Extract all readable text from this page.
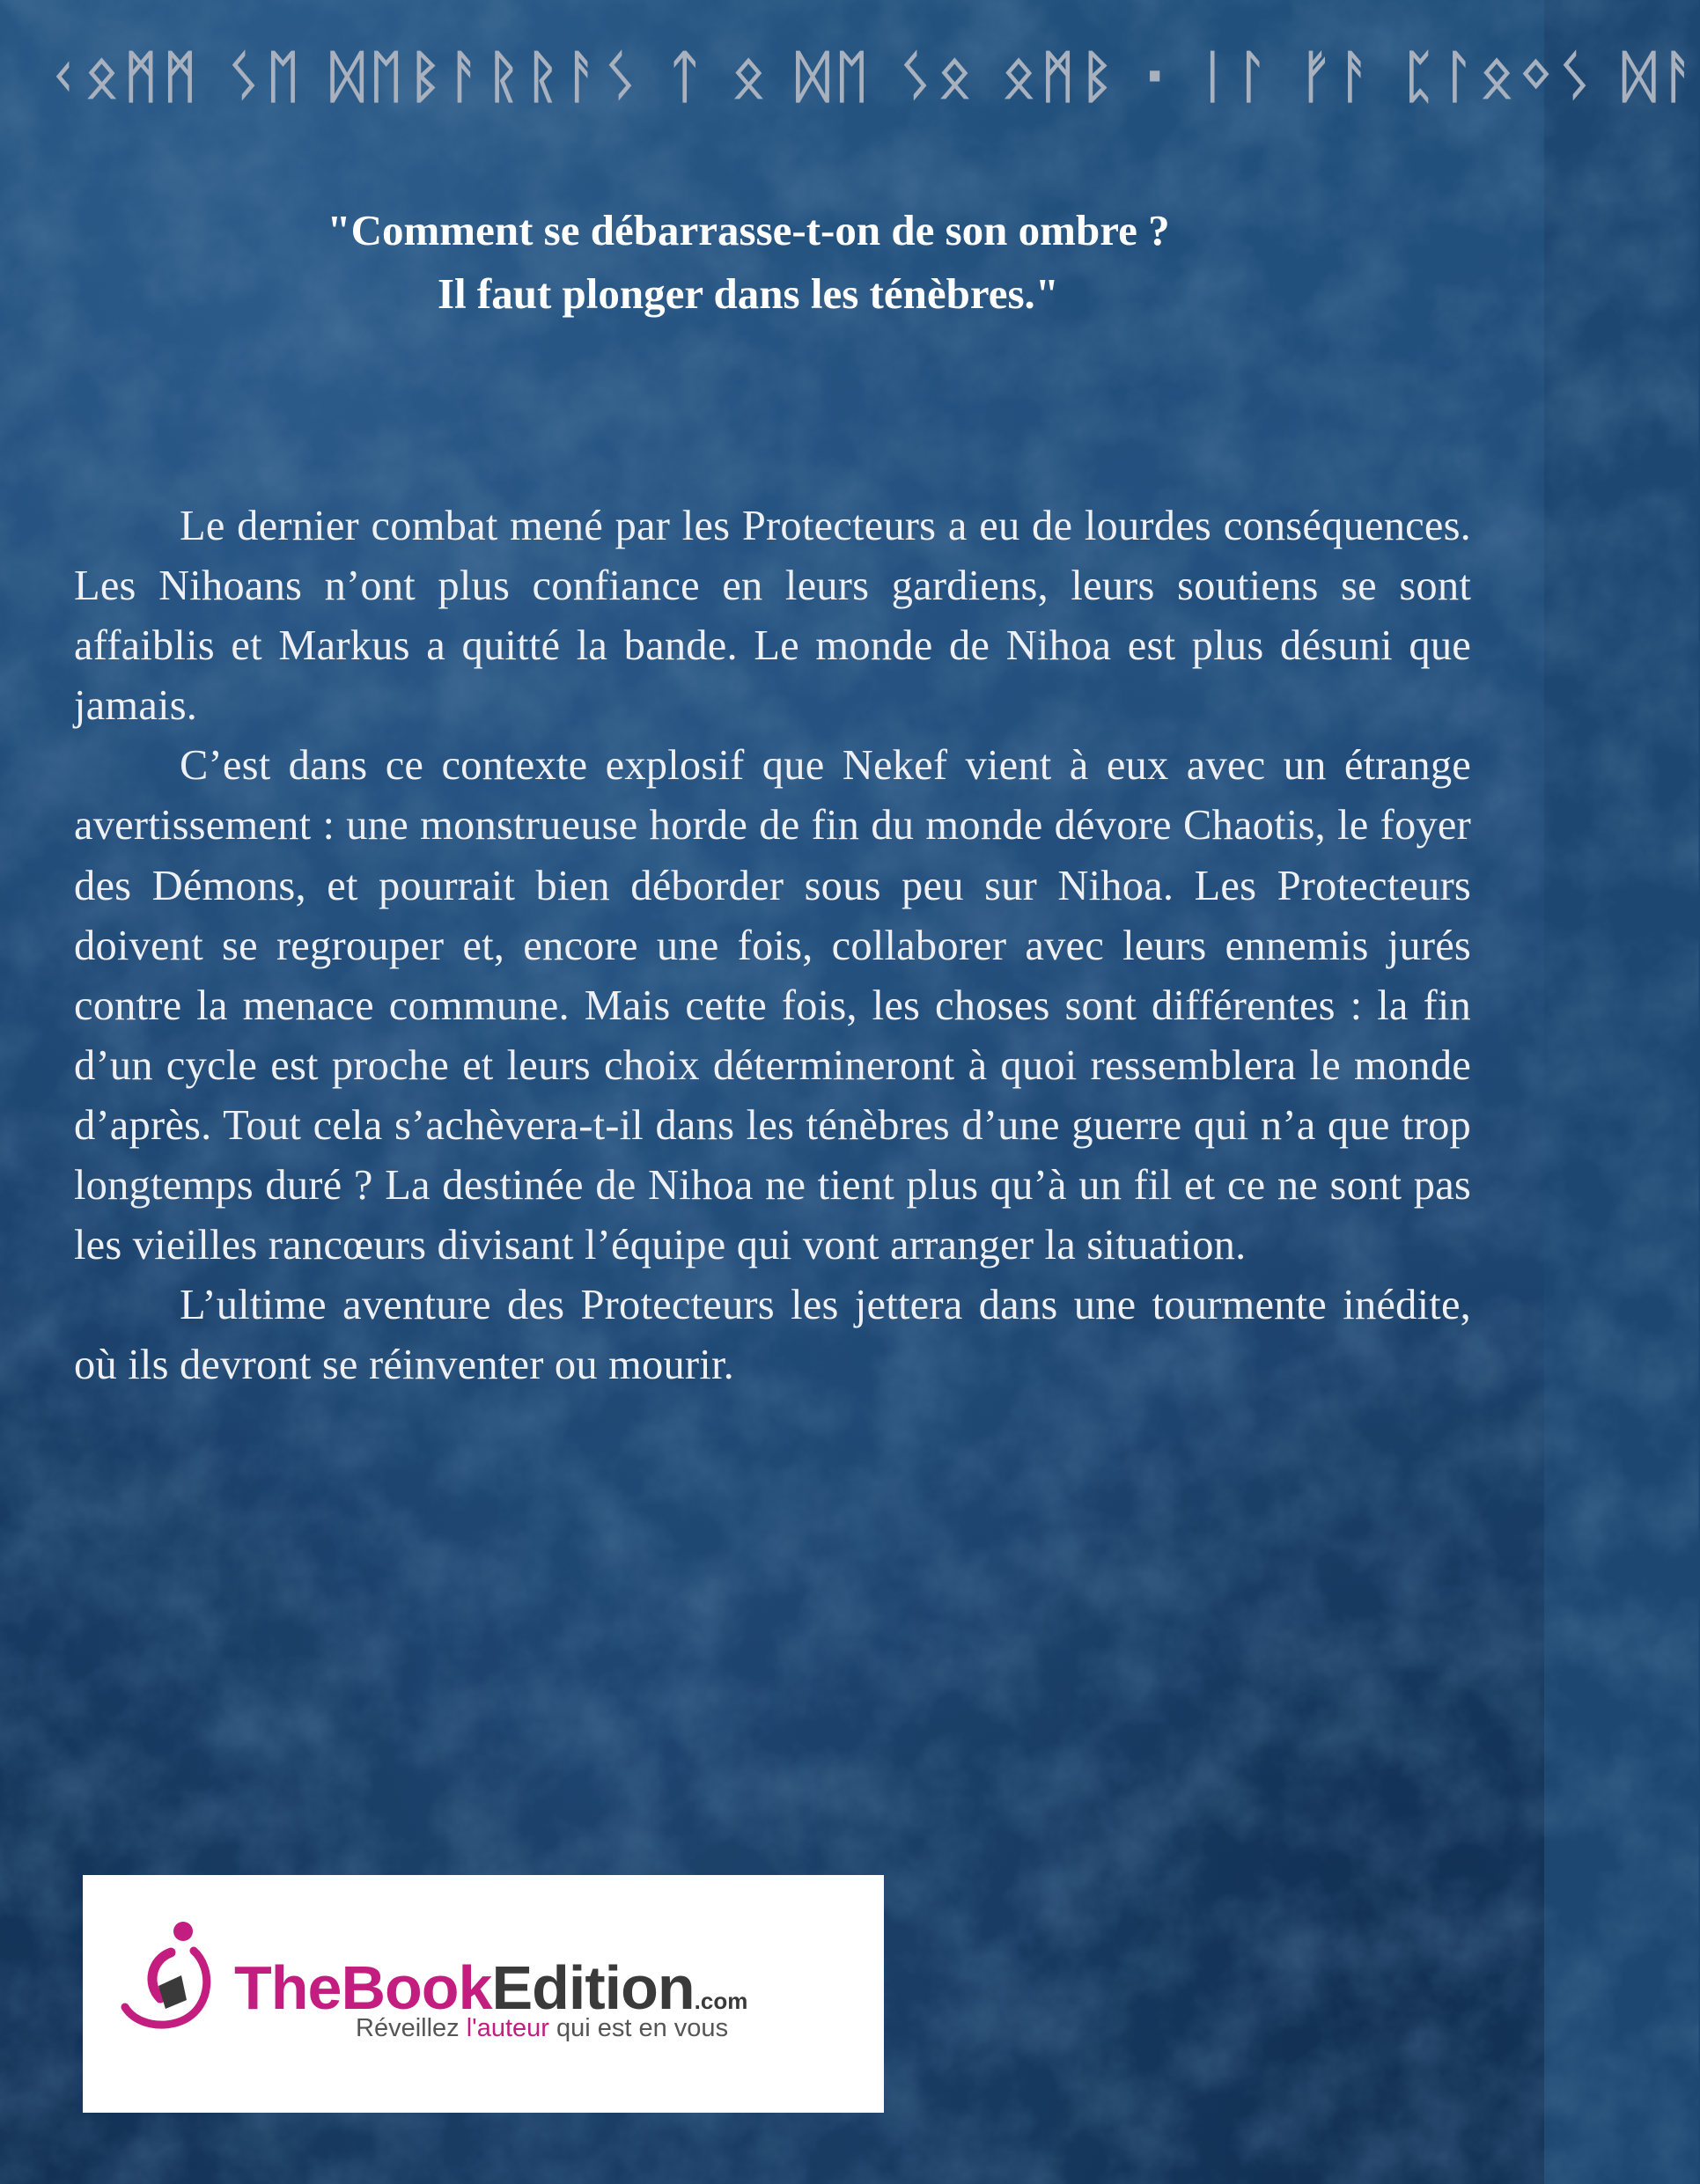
ᚲᛟᛗᛗ ᛊᛖ ᛞᛖᛒᚨᚱᚱᚨᛊ ᛏ ᛟ ᛞᛖ ᛊᛟ ᛟᛗᛒ · ᛁᛚ ᚠᚨ ᛈᛚᛟᛜᛊ ᛞᚨ
"Comment se débarrasse-t-on de son ombre ?
Il faut plonger dans les ténèbres."

Le dernier combat mené par les Protecteurs a eu de lourdes conséquences. Les Nihoans n’ont plus confiance en leurs gardiens, leurs soutiens se sont affaiblis et Markus a quitté la bande. Le monde de Nihoa est plus désuni que jamais.

C’est dans ce contexte explosif que Nekef vient à eux avec un étrange avertissement : une monstrueuse horde de fin du monde dévore Chaotis, le foyer des Démons, et pourrait bien déborder sous peu sur Nihoa. Les Protecteurs doivent se regrouper et, encore une fois, collaborer avec leurs ennemis jurés contre la menace commune. Mais cette fois, les choses sont différentes : la fin d’un cycle est proche et leurs choix détermineront à quoi ressemblera le monde d’après. Tout cela s’achèvera-t-il dans les ténèbres d’une guerre qui n’a que trop longtemps duré ? La destinée de Nihoa ne tient plus qu’à un fil et ce ne sont pas les vieilles rancœurs divisant l’équipe qui vont arranger la situation.

L’ultime aventure des Protecteurs les jettera dans une tourmente inédite, où ils devront se réinventer ou mourir.

TheBookEdition.com
Réveillez l'auteur qui est en vous
